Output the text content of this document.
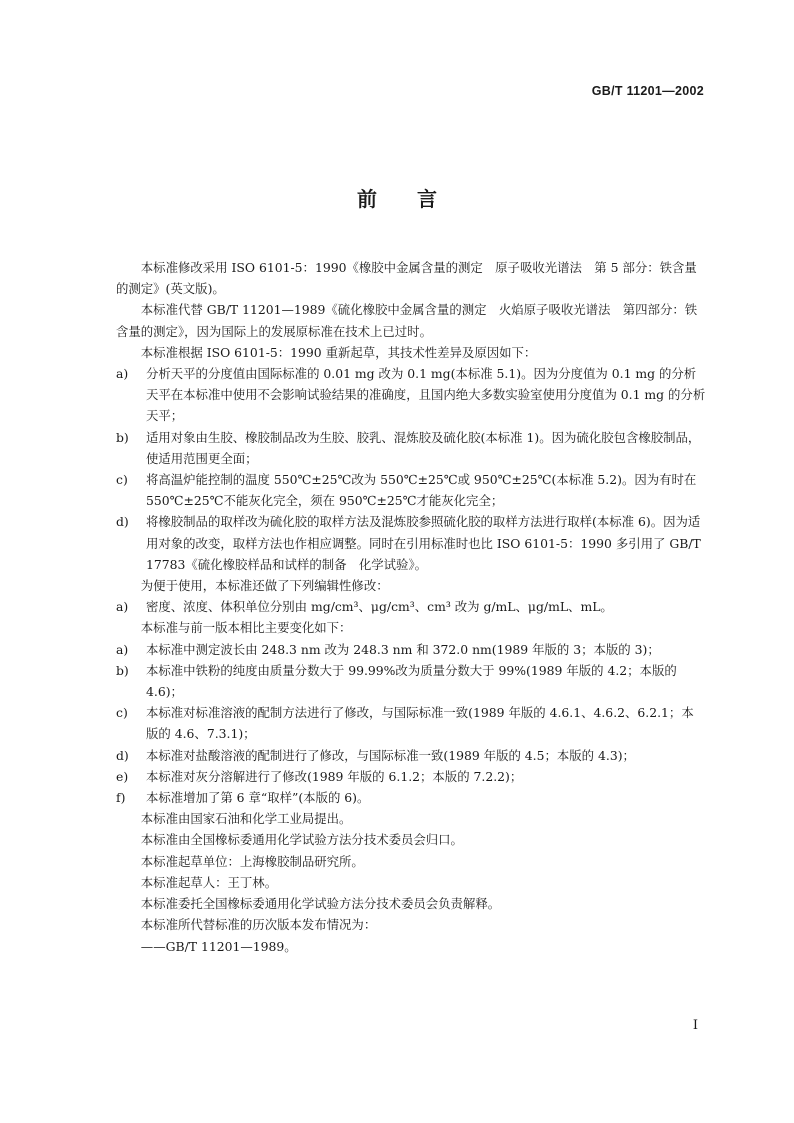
GB/T 11201—2002
前言

本标准修改采用 ISO 6101-5：1990《橡胶中金属含量的测定　原子吸收光谱法　第 5 部分：铁含量的测定》(英文版)。

本标准代替 GB/T 11201—1989《硫化橡胶中金属含量的测定　火焰原子吸收光谱法　第四部分：铁含量的测定》，因为国际上的发展原标准在技术上已过时。

本标准根据 ISO 6101-5：1990 重新起草，其技术性差异及原因如下：

a) 分析天平的分度值由国际标准的 0.01 mg 改为 0.1 mg(本标准 5.1)。因为分度值为 0.1 mg 的分析天平在本标准中使用不会影响试验结果的准确度，且国内绝大多数实验室使用分度值为 0.1 mg 的分析天平；

b) 适用对象由生胶、橡胶制品改为生胶、胶乳、混炼胶及硫化胶(本标准 1)。因为硫化胶包含橡胶制品，使适用范围更全面；

c) 将高温炉能控制的温度 550℃±25℃改为 550℃±25℃或 950℃±25℃(本标准 5.2)。因为有时在 550℃±25℃不能灰化完全，须在 950℃±25℃才能灰化完全；

d) 将橡胶制品的取样改为硫化胶的取样方法及混炼胶参照硫化胶的取样方法进行取样(本标准 6)。因为适用对象的改变，取样方法也作相应调整。同时在引用标准时也比 ISO 6101-5：1990 多引用了 GB/T 17783《硫化橡胶样品和试样的制备　化学试验》。

为便于使用，本标准还做了下列编辑性修改：

a) 密度、浓度、体积单位分别由 mg/cm³、μg/cm³、cm³ 改为 g/mL、μg/mL、mL。

本标准与前一版本相比主要变化如下：

a) 本标准中测定波长由 248.3 nm 改为 248.3 nm 和 372.0 nm(1989 年版的 3；本版的 3)；

b) 本标准中铁粉的纯度由质量分数大于 99.99%改为质量分数大于 99%(1989 年版的 4.2；本版的 4.6)；

c) 本标准对标准溶液的配制方法进行了修改，与国际标准一致(1989 年版的 4.6.1、4.6.2、6.2.1；本版的 4.6、7.3.1)；

d) 本标准对盐酸溶液的配制进行了修改，与国际标准一致(1989 年版的 4.5；本版的 4.3)；

e) 本标准对灰分溶解进行了修改(1989 年版的 6.1.2；本版的 7.2.2)；

f) 本标准增加了第 6 章“取样”(本版的 6)。

本标准由国家石油和化学工业局提出。

本标准由全国橡标委通用化学试验方法分技术委员会归口。

本标准起草单位：上海橡胶制品研究所。

本标准起草人：王丁林。

本标准委托全国橡标委通用化学试验方法分技术委员会负责解释。

本标准所代替标准的历次版本发布情况为：

——GB/T 11201—1989。

I
